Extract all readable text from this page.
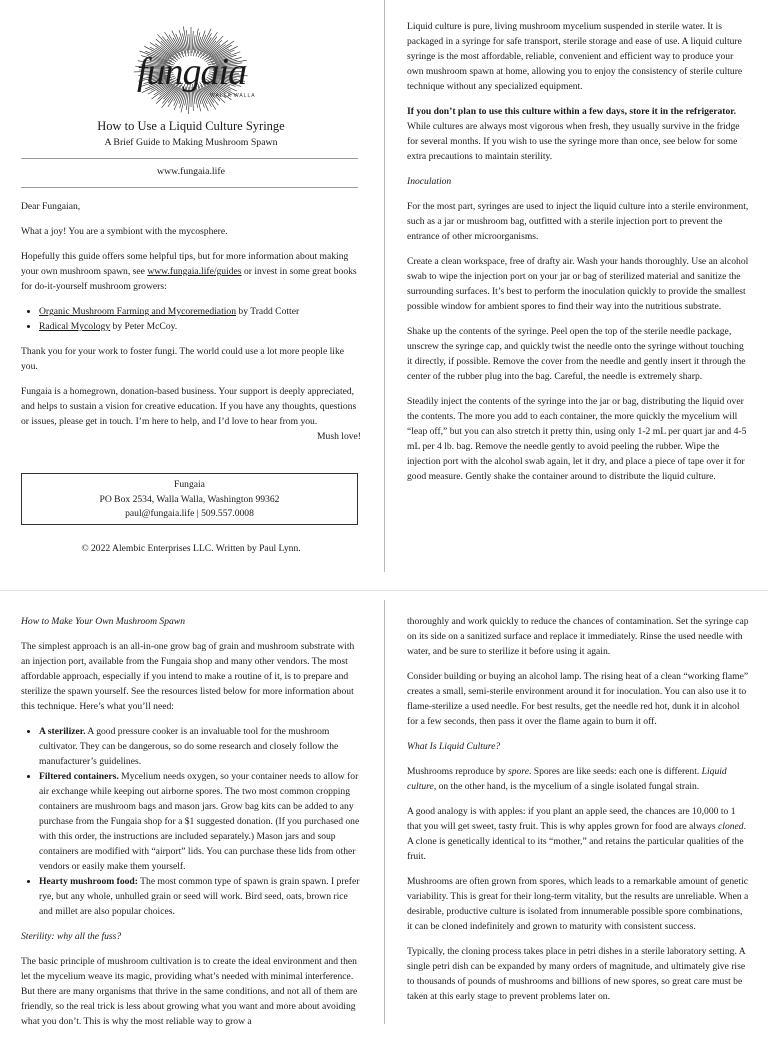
fungaia
WALLA WALLA
How to Use a Liquid Culture Syringe
A Brief Guide to Making Mushroom Spawn
www.fungaia.life

Dear Fungaian,

What a joy! You are a symbiont with the mycosphere.

Hopefully this guide offers some helpful tips, but for more information about making your own mushroom spawn, see www.fungaia.life/guides or invest in some great books for do-it-yourself mushroom growers:

• Organic Mushroom Farming and Mycoremediation by Tradd Cotter
• Radical Mycology by Peter McCoy.

Thank you for your work to foster fungi. The world could use a lot more people like you.

Fungaia is a homegrown, donation-based business. Your support is deeply appreciated, and helps to sustain a vision for creative education. If you have any thoughts, questions or issues, please get in touch. I’m here to help, and I’d love to hear from you.

Mush love!
Fungaia
PO Box 2534, Walla Walla, Washington 99362
paul@fungaia.life | 509.557.0008
© 2022 Alembic Enterprises LLC. Written by Paul Lynn.

Liquid culture is pure, living mushroom mycelium suspended in sterile water. It is packaged in a syringe for safe transport, sterile storage and ease of use. A liquid culture syringe is the most affordable, reliable, convenient and efficient way to produce your own mushroom spawn at home, allowing you to enjoy the consistency of sterile culture technique without any specialized equipment.

If you don’t plan to use this culture within a few days, store it in the refrigerator. While cultures are always most vigorous when fresh, they usually survive in the fridge for several months. If you wish to use the syringe more than once, see below for some extra precautions to maintain sterility.

Inoculation

For the most part, syringes are used to inject the liquid culture into a sterile environment, such as a jar or mushroom bag, outfitted with a sterile injection port to prevent the entrance of other microorganisms.

Create a clean workspace, free of drafty air. Wash your hands thoroughly. Use an alcohol swab to wipe the injection port on your jar or bag of sterilized material and sanitize the surrounding surfaces. It’s best to perform the inoculation quickly to provide the smallest possible window for ambient spores to find their way into the nutritious substrate.

Shake up the contents of the syringe. Peel open the top of the sterile needle package, unscrew the syringe cap, and quickly twist the needle onto the syringe without touching it directly, if possible. Remove the cover from the needle and gently insert it through the center of the rubber plug into the bag. Careful, the needle is extremely sharp.

Steadily inject the contents of the syringe into the jar or bag, distributing the liquid over the contents. The more you add to each container, the more quickly the mycelium will “leap off,” but you can also stretch it pretty thin, using only 1-2 mL per quart jar and 4-5 mL per 4 lb. bag. Remove the needle gently to avoid peeling the rubber. Wipe the injection port with the alcohol swab again, let it dry, and place a piece of tape over it for good measure. Gently shake the container around to distribute the liquid culture.

How to Make Your Own Mushroom Spawn

The simplest approach is an all-in-one grow bag of grain and mushroom substrate with an injection port, available from the Fungaia shop and many other vendors. The most affordable approach, especially if you intend to make a routine of it, is to prepare and sterilize the spawn yourself. See the resources listed below for more information about this technique. Here’s what you’ll need:

• A sterilizer. A good pressure cooker is an invaluable tool for the mushroom cultivator. They can be dangerous, so do some research and closely follow the manufacturer’s guidelines.
• Filtered containers. Mycelium needs oxygen, so your container needs to allow for air exchange while keeping out airborne spores. The two most common cropping containers are mushroom bags and mason jars. Grow bag kits can be added to any purchase from the Fungaia shop for a $1 suggested donation. (If you purchased one with this order, the instructions are included separately.) Mason jars and soup containers are modified with “airport” lids. You can purchase these lids from other vendors or easily make them yourself.
• Hearty mushroom food: The most common type of spawn is grain spawn. I prefer rye, but any whole, unhulled grain or seed will work. Bird seed, oats, brown rice and millet are also popular choices.

Sterility: why all the fuss?

The basic principle of mushroom cultivation is to create the ideal environment and then let the mycelium weave its magic, providing what’s needed with minimal interference. But there are many organisms that thrive in the same conditions, and not all of them are friendly, so the real trick is less about growing what you want and more about avoiding what you don’t. This is why the most reliable way to grow a

thoroughly and work quickly to reduce the chances of contamination. Set the syringe cap on its side on a sanitized surface and replace it immediately. Rinse the used needle with water, and be sure to sterilize it before using it again.

Consider building or buying an alcohol lamp. The rising heat of a clean “working flame” creates a small, semi-sterile environment around it for inoculation. You can also use it to flame-sterilize a used needle. For best results, get the needle red hot, dunk it in alcohol for a few seconds, then pass it over the flame again to burn it off.

What Is Liquid Culture?

Mushrooms reproduce by spore. Spores are like seeds: each one is different. Liquid culture, on the other hand, is the mycelium of a single isolated fungal strain.

A good analogy is with apples: if you plant an apple seed, the chances are 10,000 to 1 that you will get sweet, tasty fruit. This is why apples grown for food are always cloned. A clone is genetically identical to its “mother,” and retains the particular qualities of the fruit.

Mushrooms are often grown from spores, which leads to a remarkable amount of genetic variability. This is great for their long-term vitality, but the results are unreliable. When a desirable, productive culture is isolated from innumerable possible spore combinations, it can be cloned indefinitely and grown to maturity with consistent success.

Typically, the cloning process takes place in petri dishes in a sterile laboratory setting. A single petri dish can be expanded by many orders of magnitude, and ultimately give rise to thousands of pounds of mushrooms and billions of new spores, so great care must be taken at this early stage to prevent problems later on.
